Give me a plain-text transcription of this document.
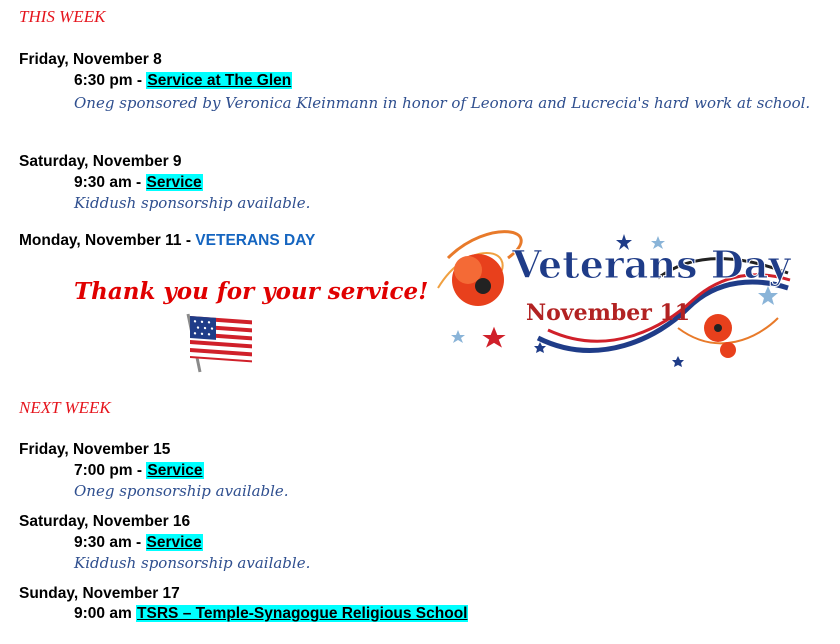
THIS WEEK
Friday, November 8
6:30 pm - Service at The Glen
Oneg sponsored by Veronica Kleinmann in honor of Leonora and Lucrecia's hard work at school.
Saturday, November 9
9:30 am - Service
Kiddush sponsorship available.
Monday, November 11 - VETERANS DAY
Thank you for your service!
Veterans Day
November 11
NEXT WEEK
Friday, November 15
7:00 pm - Service
Oneg sponsorship available.
Saturday, November 16
9:30 am - Service
Kiddush sponsorship available.
Sunday, November 17
9:00 am TSRS – Temple-Synagogue Religious School
